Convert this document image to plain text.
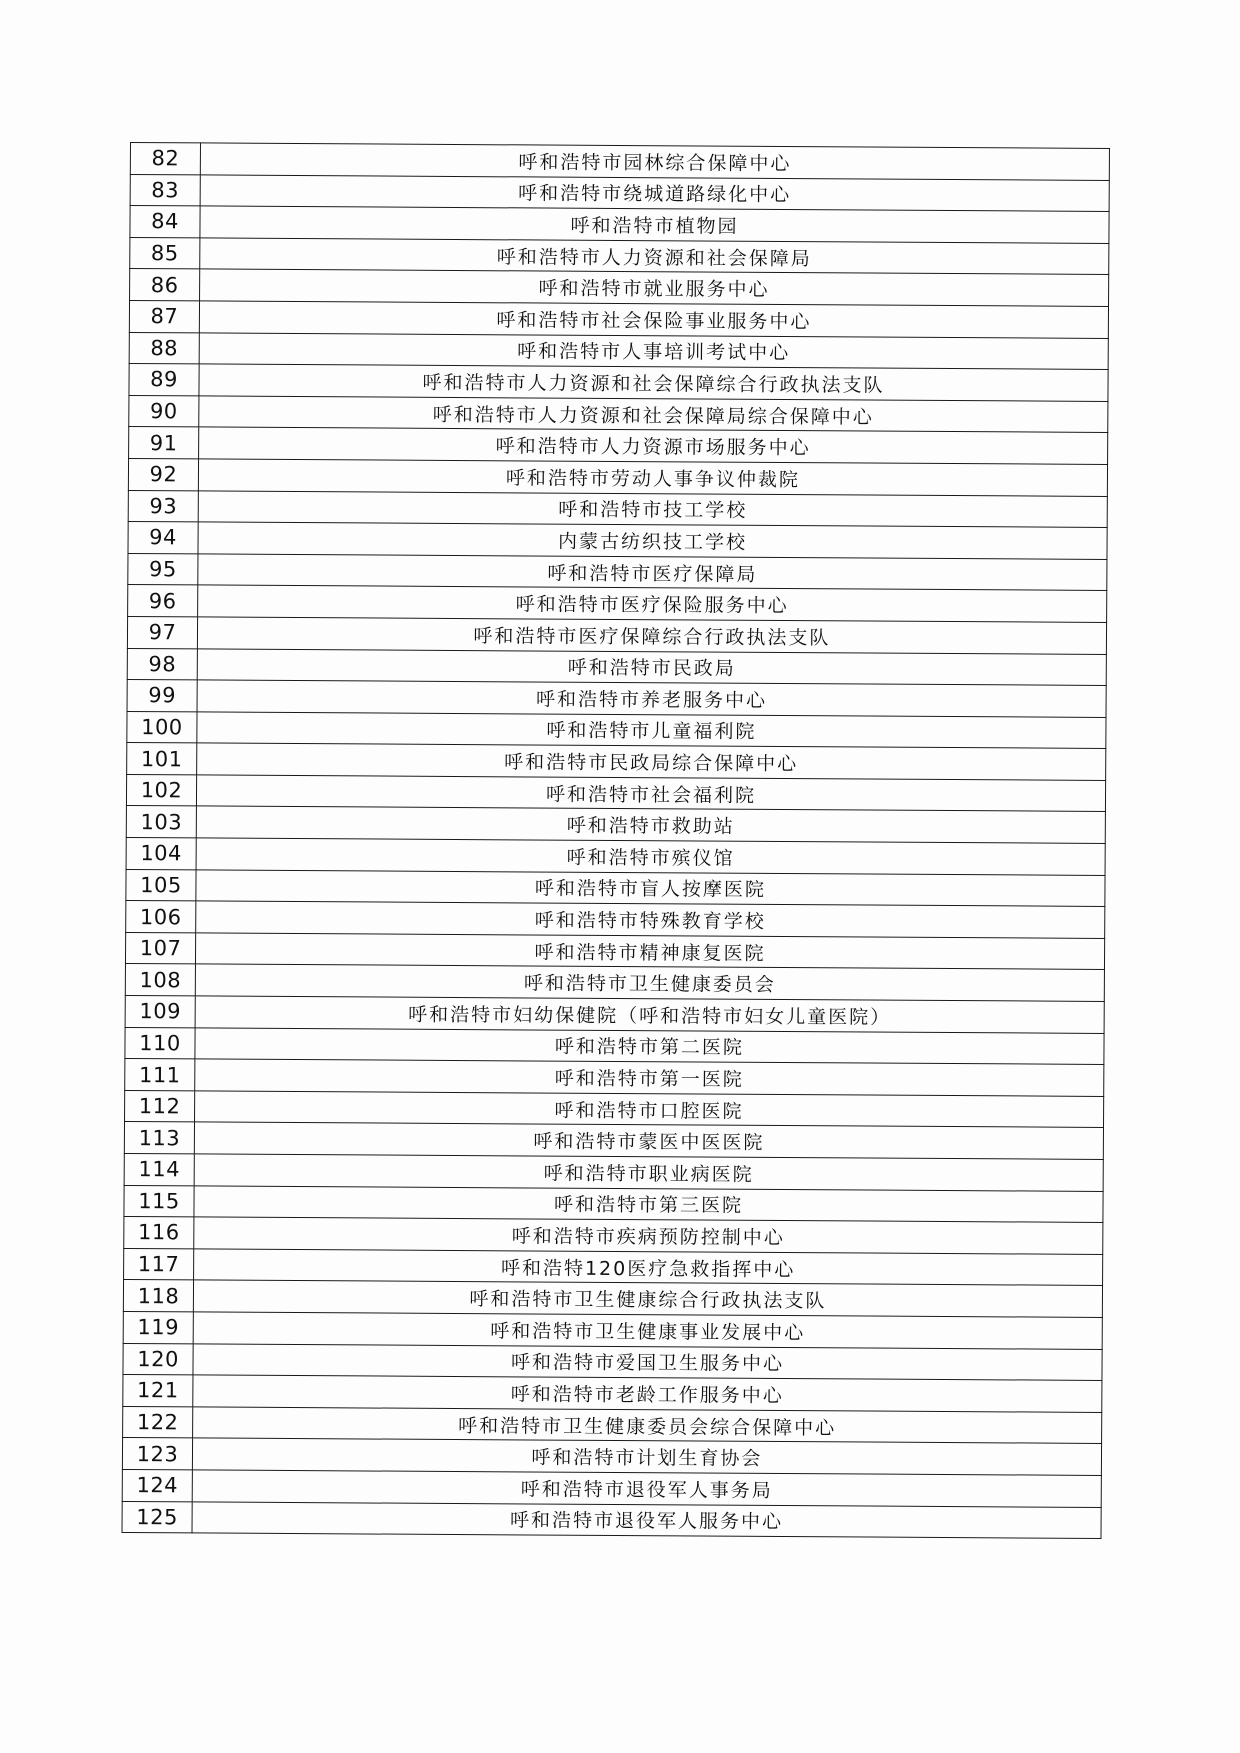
82	呼和浩特市园林综合保障中心
83	呼和浩特市绕城道路绿化中心
84	呼和浩特市植物园
85	呼和浩特市人力资源和社会保障局
86	呼和浩特市就业服务中心
87	呼和浩特市社会保险事业服务中心
88	呼和浩特市人事培训考试中心
89	呼和浩特市人力资源和社会保障综合行政执法支队
90	呼和浩特市人力资源和社会保障局综合保障中心
91	呼和浩特市人力资源市场服务中心
92	呼和浩特市劳动人事争议仲裁院
93	呼和浩特市技工学校
94	内蒙古纺织技工学校
95	呼和浩特市医疗保障局
96	呼和浩特市医疗保险服务中心
97	呼和浩特市医疗保障综合行政执法支队
98	呼和浩特市民政局
99	呼和浩特市养老服务中心
100	呼和浩特市儿童福利院
101	呼和浩特市民政局综合保障中心
102	呼和浩特市社会福利院
103	呼和浩特市救助站
104	呼和浩特市殡仪馆
105	呼和浩特市盲人按摩医院
106	呼和浩特市特殊教育学校
107	呼和浩特市精神康复医院
108	呼和浩特市卫生健康委员会
109	呼和浩特市妇幼保健院（呼和浩特市妇女儿童医院）
110	呼和浩特市第二医院
111	呼和浩特市第一医院
112	呼和浩特市口腔医院
113	呼和浩特市蒙医中医医院
114	呼和浩特市职业病医院
115	呼和浩特市第三医院
116	呼和浩特市疾病预防控制中心
117	呼和浩特120医疗急救指挥中心
118	呼和浩特市卫生健康综合行政执法支队
119	呼和浩特市卫生健康事业发展中心
120	呼和浩特市爱国卫生服务中心
121	呼和浩特市老龄工作服务中心
122	呼和浩特市卫生健康委员会综合保障中心
123	呼和浩特市计划生育协会
124	呼和浩特市退役军人事务局
125	呼和浩特市退役军人服务中心
